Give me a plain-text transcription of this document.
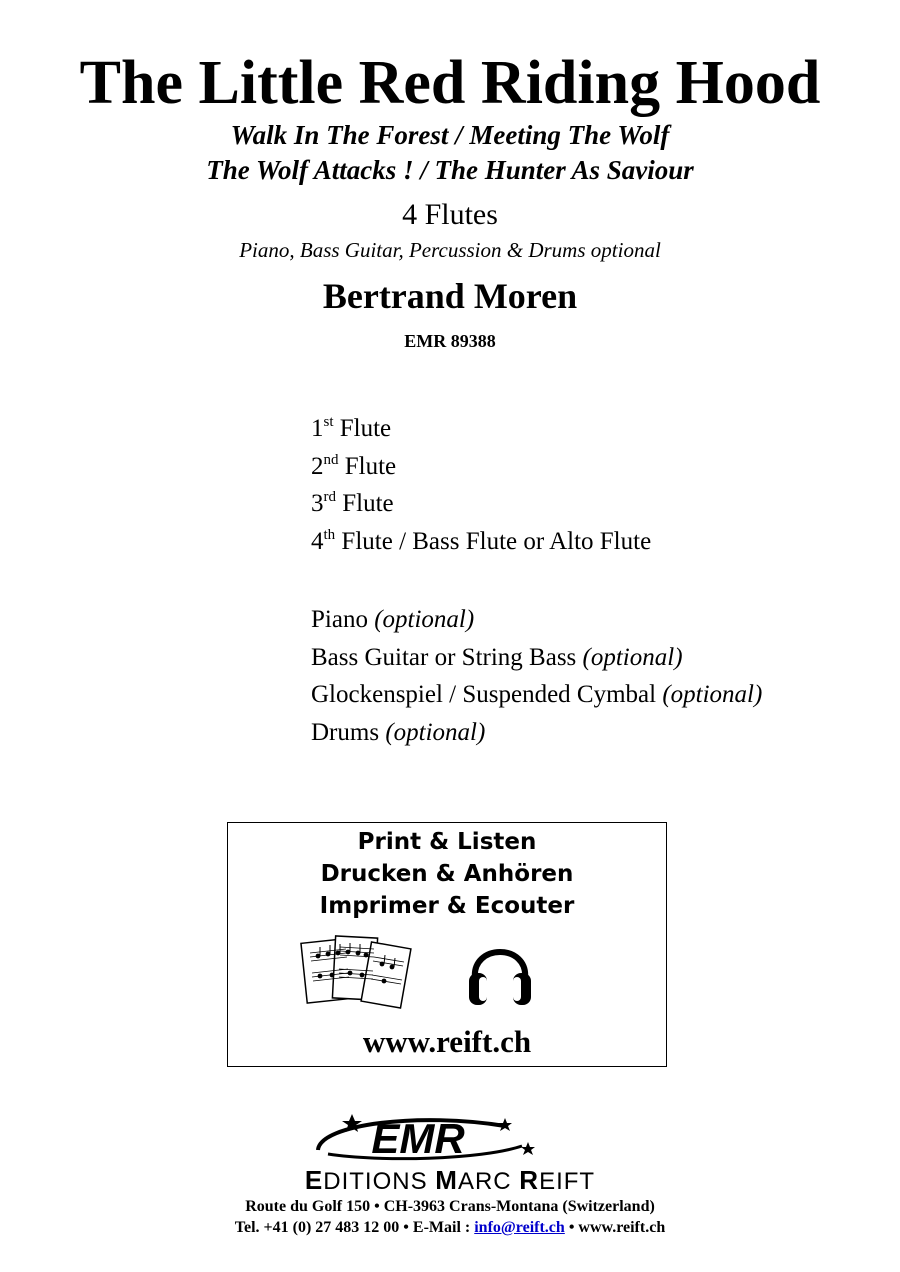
The Little Red Riding Hood
Walk In The Forest / Meeting The Wolf
The Wolf Attacks ! / The Hunter As Saviour
4 Flutes
Piano, Bass Guitar, Percussion & Drums optional
Bertrand Moren
EMR 89388
1st Flute
2nd Flute
3rd Flute
4th Flute / Bass Flute or Alto Flute
Piano (optional)
Bass Guitar or String Bass (optional)
Glockenspiel / Suspended Cymbal (optional)
Drums (optional)
Print & Listen
Drucken & Anhören
Imprimer & Ecouter
www.reift.ch
EMR
EDITIONS MARC REIFT
Route du Golf 150 • CH-3963 Crans-Montana (Switzerland)
Tel. +41 (0) 27 483 12 00 • E-Mail : info@reift.ch • www.reift.ch
